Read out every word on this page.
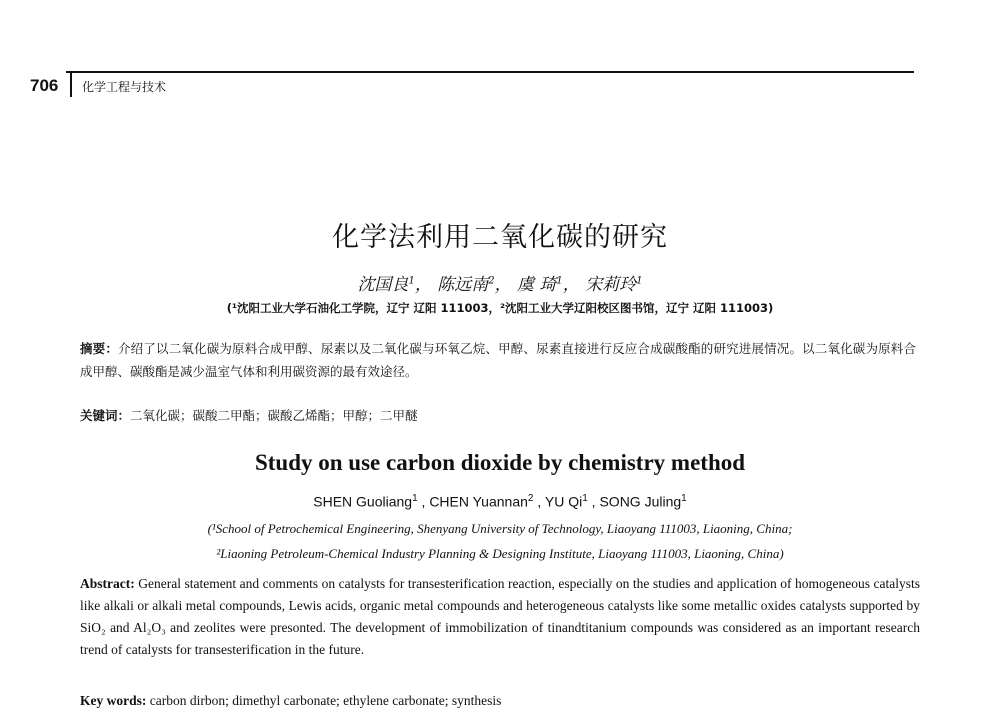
706 化学工程与技术
化学法利用二氧化碳的研究
沈国良$^1$， 陈远南$^2$， 虞 琦$^1$， 宋莉玲$^1$
(¹沈阳工业大学石油化工学院，辽宁 辽阳 111003，²沈阳工业大学辽阳校区图书馆，辽宁 辽阳 111003)
摘要：介绍了以二氧化碳为原料合成甲醇、尿素以及二氧化碳与环氧乙烷、甲醇、尿素直接进行反应合成碳酸酯的研究进展情况。以二氧化碳为原料合成甲醇、碳酸酯是减少温室气体和利用碳资源的最有效途径。
关键词：二氧化碳；碳酸二甲酯；碳酸乙烯酯；甲醇；二甲醚
Study on use carbon dioxide by chemistry method
SHEN Guoliang$^1$ , CHEN Yuannan$^2$ , YU Qi$^1$ , SONG Juling$^1$
(¹School of Petrochemical Engineering, Shenyang University of Technology, Liaoyang 111003, Liaoning, China;
²Liaoning Petroleum-Chemical Industry Planning & Designing Institute, Liaoyang 111003, Liaoning, China)
Abstract: General statement and comments on catalysts for transesterification reaction, especially on the studies and application of homogeneous catalysts like alkali or alkali metal compounds, Lewis acids, organic metal compounds and heterogeneous catalysts like some metallic oxides catalysts supported by SiO₂ and Al₂O₃ and zeolites were presonted. The development of immobilization of tinandtitanium compounds was considered as an important research trend of catalysts for transesterification in the future.
Key words: carbon dirbon; dimethyl carbonate; ethylene carbonate; synthesis
